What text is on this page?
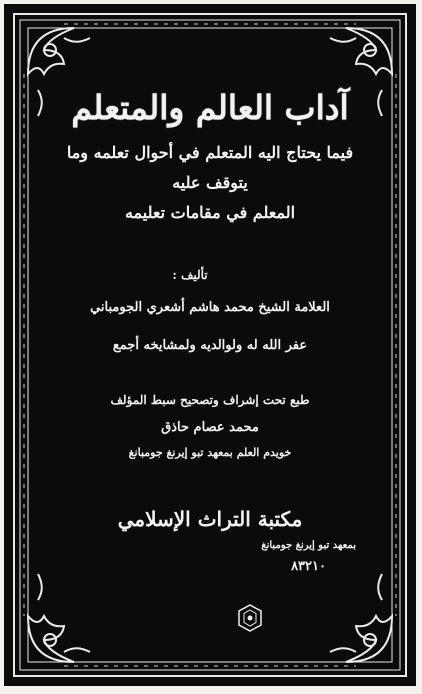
آداب العالم والمتعلم
فيما يحتاج اليه المتعلم في أحوال تعلمه وما يتوقف عليه
المعلم في مقامات تعليمه
تأليف :
العلامة الشيخ محمد هاشم أشعري الجومباني
عفر الله له ولوالديه ولمشايخه أجمع
طبع تحت إشراف وتصحيح سبط المؤلف
محمد عصام حاذق
خويدم العلم بمعهد تبو إيرنغ جومبانغ
مكتبة التراث الإسلامي
بمعهد تبو إيرنغ جومبانغ
٨٣٢١٠
